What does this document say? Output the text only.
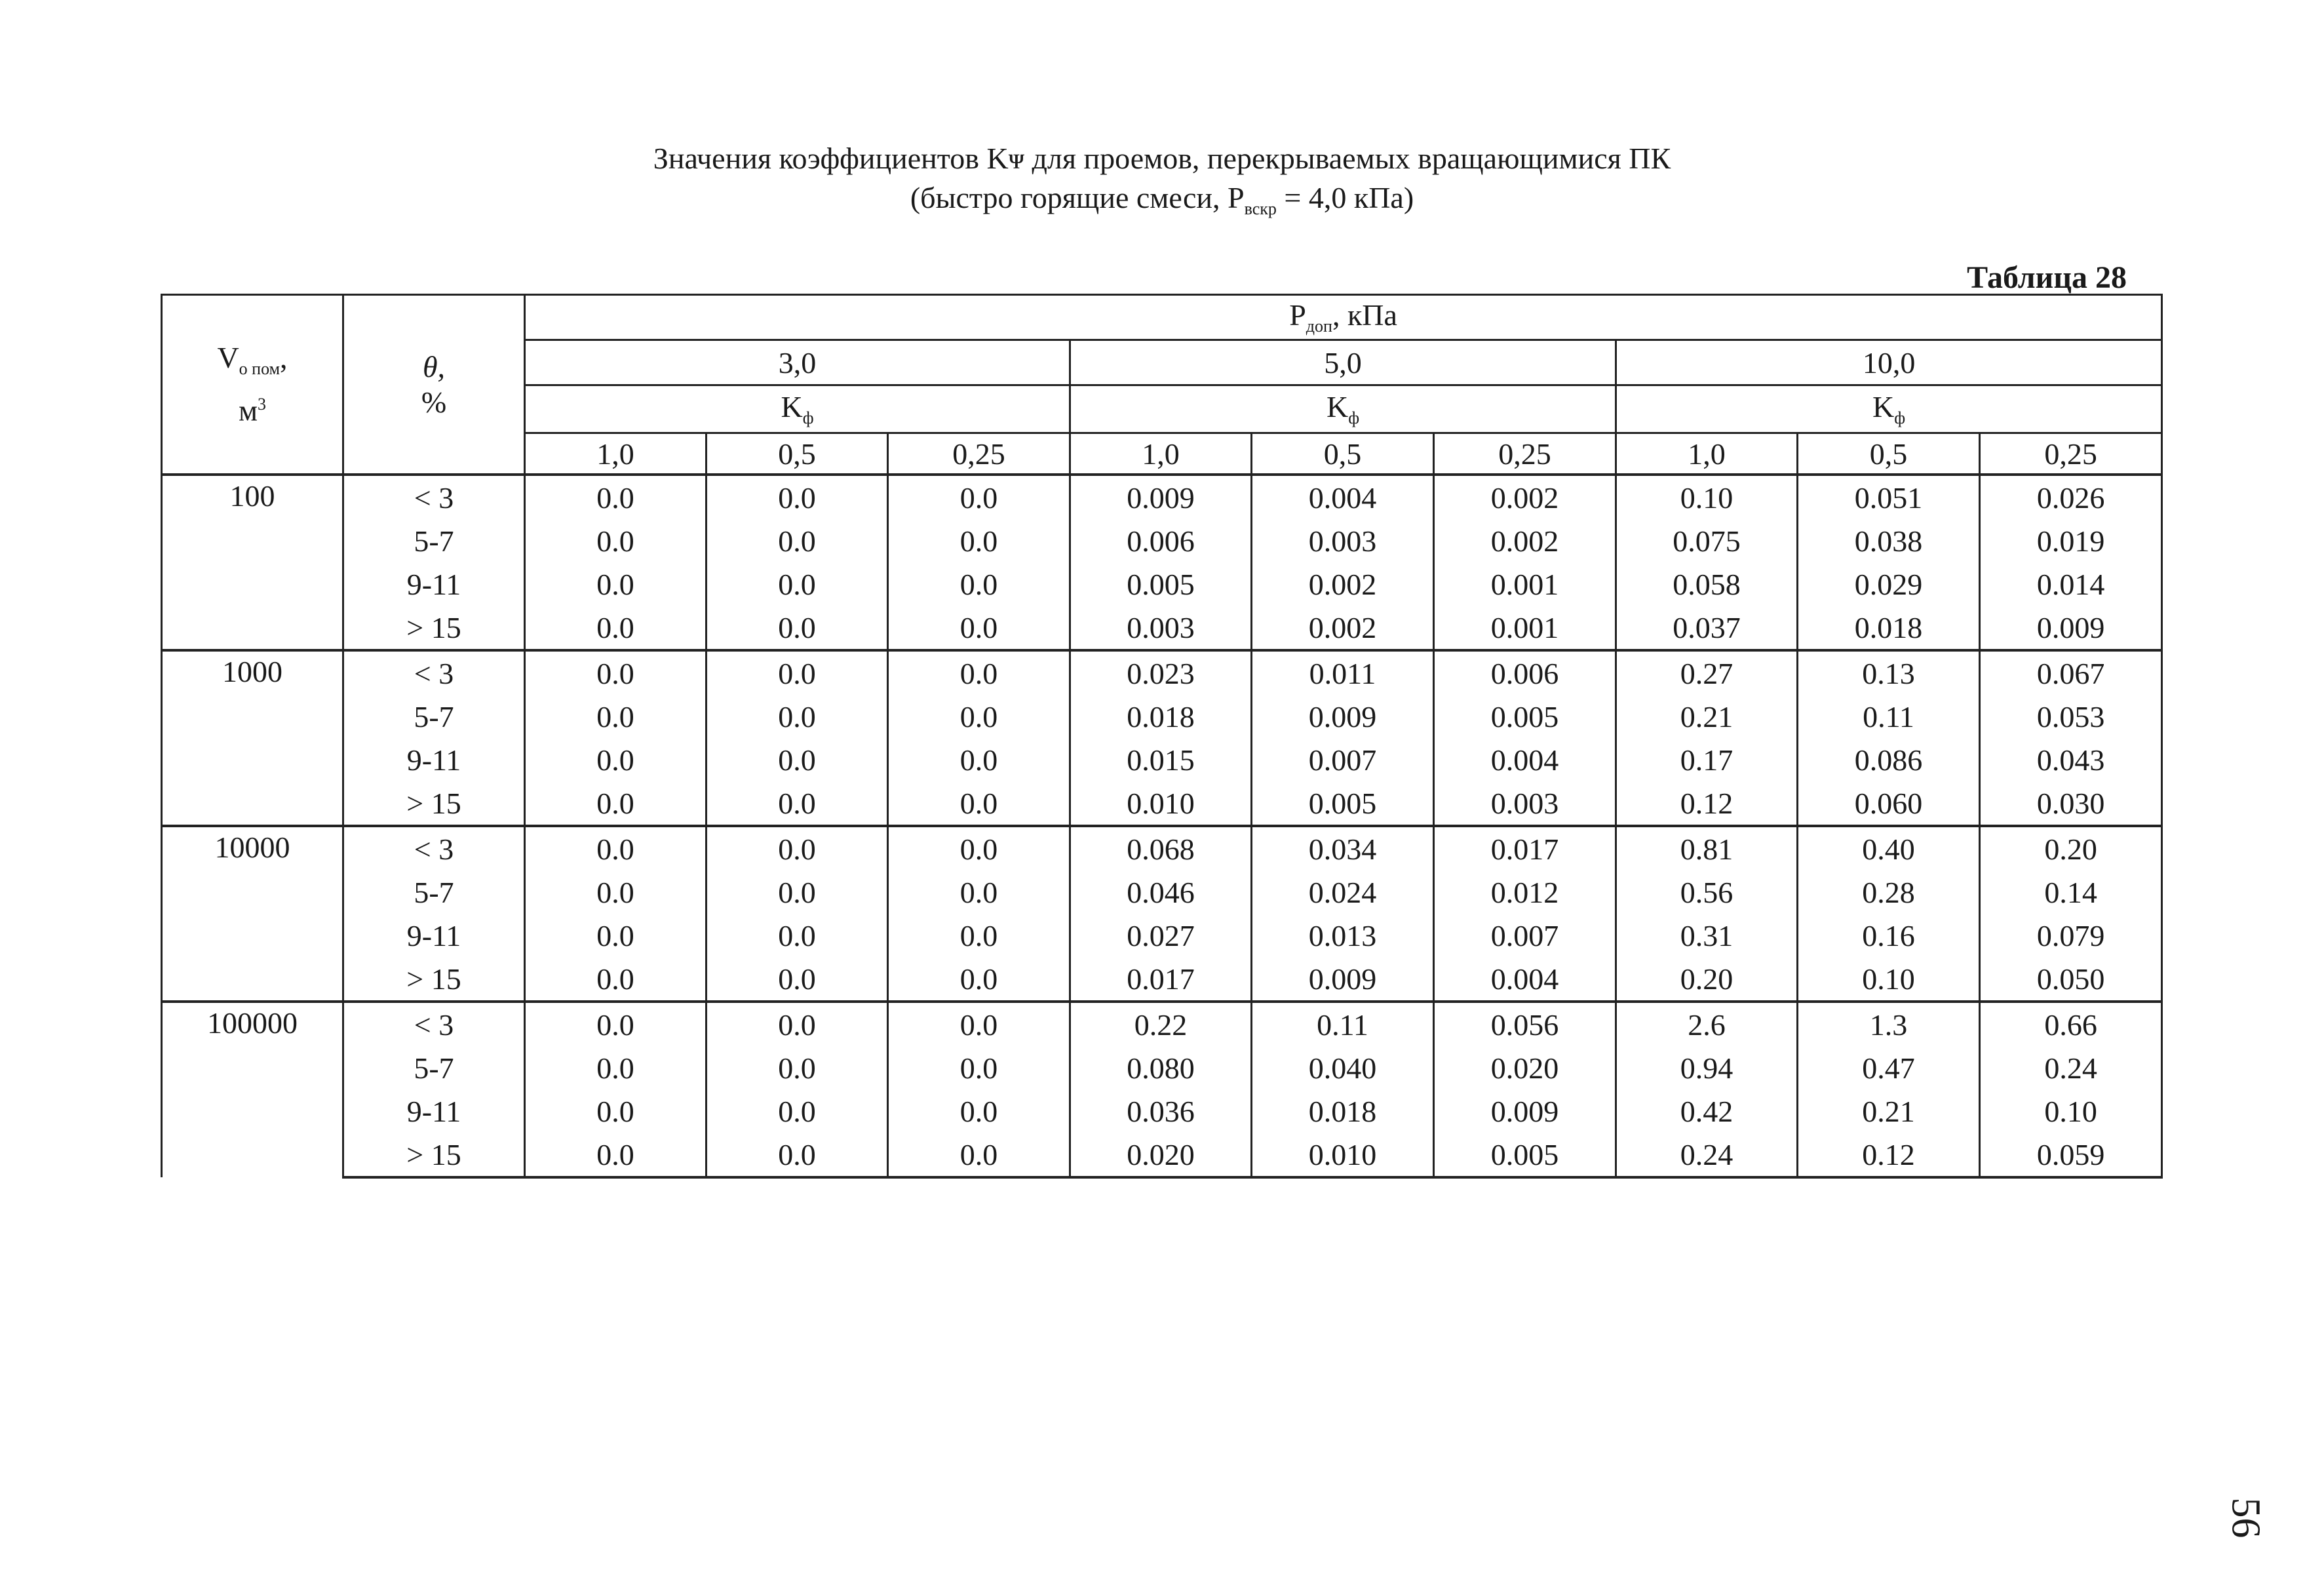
Значения коэффициентов Kᴪ для проемов, перекрываемых вращающимися ПК
(быстро горящие смеси, $P_{вскр} = 4,0$ кПа)
Таблица 28
$V_{о пом}$,
$м^3$	θ,
%	$P_{доп}$, кПа								
		3,0			5,0			10,0		
		$K_ф$			$K_ф$			$K_ф$
		1,0	0,5	0,25	1,0	0,5	0,25	1,0	0,5	0,25
100	< 3	0.0	0.0	0.0	0.009	0.004	0.002	0.10	0.051	0.026
	5-7	0.0	0.0	0.0	0.006	0.003	0.002	0.075	0.038	0.019
	9-11	0.0	0.0	0.0	0.005	0.002	0.001	0.058	0.029	0.014
	> 15	0.0	0.0	0.0	0.003	0.002	0.001	0.037	0.018	0.009
1000	< 3	0.0	0.0	0.0	0.023	0.011	0.006	0.27	0.13	0.067
	5-7	0.0	0.0	0.0	0.018	0.009	0.005	0.21	0.11	0.053
	9-11	0.0	0.0	0.0	0.015	0.007	0.004	0.17	0.086	0.043
	> 15	0.0	0.0	0.0	0.010	0.005	0.003	0.12	0.060	0.030
10000	< 3	0.0	0.0	0.0	0.068	0.034	0.017	0.81	0.40	0.20
	5-7	0.0	0.0	0.0	0.046	0.024	0.012	0.56	0.28	0.14
	9-11	0.0	0.0	0.0	0.027	0.013	0.007	0.31	0.16	0.079
	> 15	0.0	0.0	0.0	0.017	0.009	0.004	0.20	0.10	0.050
100000	< 3	0.0	0.0	0.0	0.22	0.11	0.056	2.6	1.3	0.66
	5-7	0.0	0.0	0.0	0.080	0.040	0.020	0.94	0.47	0.24
	9-11	0.0	0.0	0.0	0.036	0.018	0.009	0.42	0.21	0.10
	> 15	0.0	0.0	0.0	0.020	0.010	0.005	0.24	0.12	0.059
56
